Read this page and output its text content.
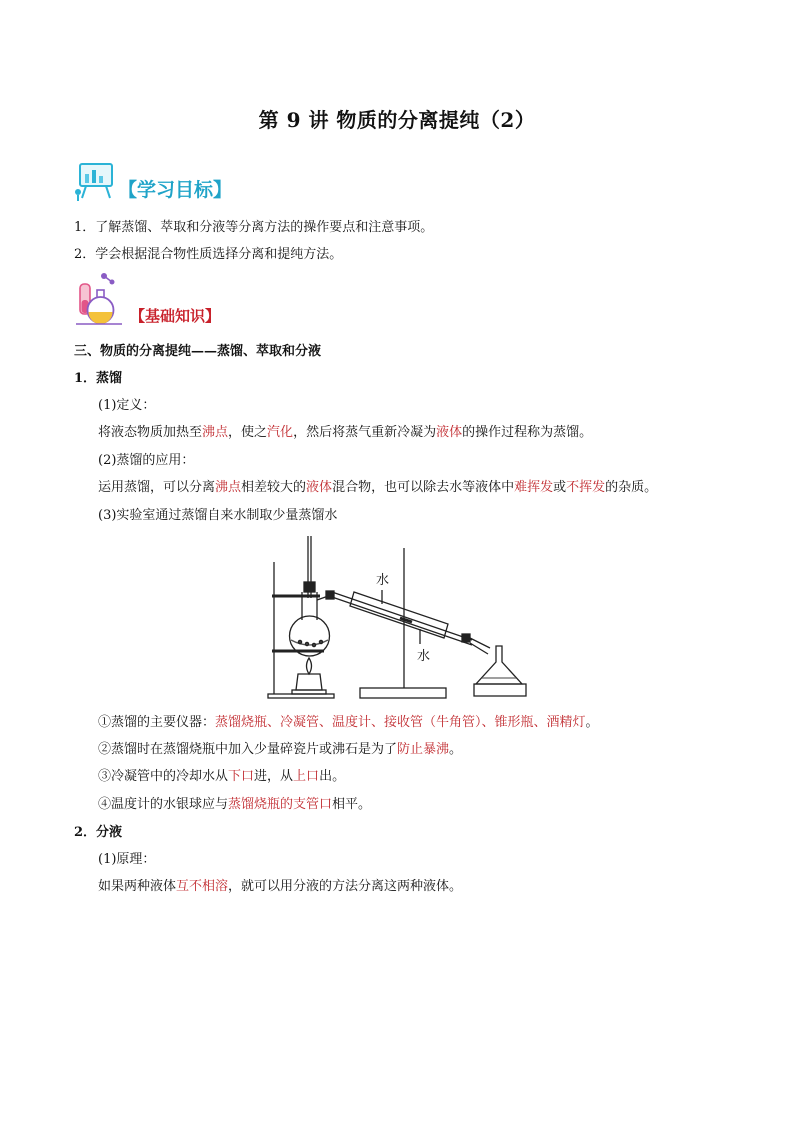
第 9 讲 物质的分离提纯（2）
【学习目标】
1．了解蒸馏、萃取和分液等分离方法的操作要点和注意事项。
2．学会根据混合物性质选择分离和提纯方法。
【基础知识】
三、物质的分离提纯——蒸馏、萃取和分液
1．蒸馏
(1)定义：
将液态物质加热至沸点，使之汽化，然后将蒸气重新冷凝为液体的操作过程称为蒸馏。
(2)蒸馏的应用：
运用蒸馏，可以分离沸点相差较大的液体混合物，也可以除去水等液体中难挥发或不挥发的杂质。
(3)实验室通过蒸馏自来水制取少量蒸馏水
水
水
①蒸馏的主要仪器：蒸馏烧瓶、冷凝管、温度计、接收管（牛角管）、锥形瓶、酒精灯。
②蒸馏时在蒸馏烧瓶中加入少量碎瓷片或沸石是为了防止暴沸。
③冷凝管中的冷却水从下口进，从上口出。
④温度计的水银球应与蒸馏烧瓶的支管口相平。
2．分液
(1)原理：
如果两种液体互不相溶，就可以用分液的方法分离这两种液体。
